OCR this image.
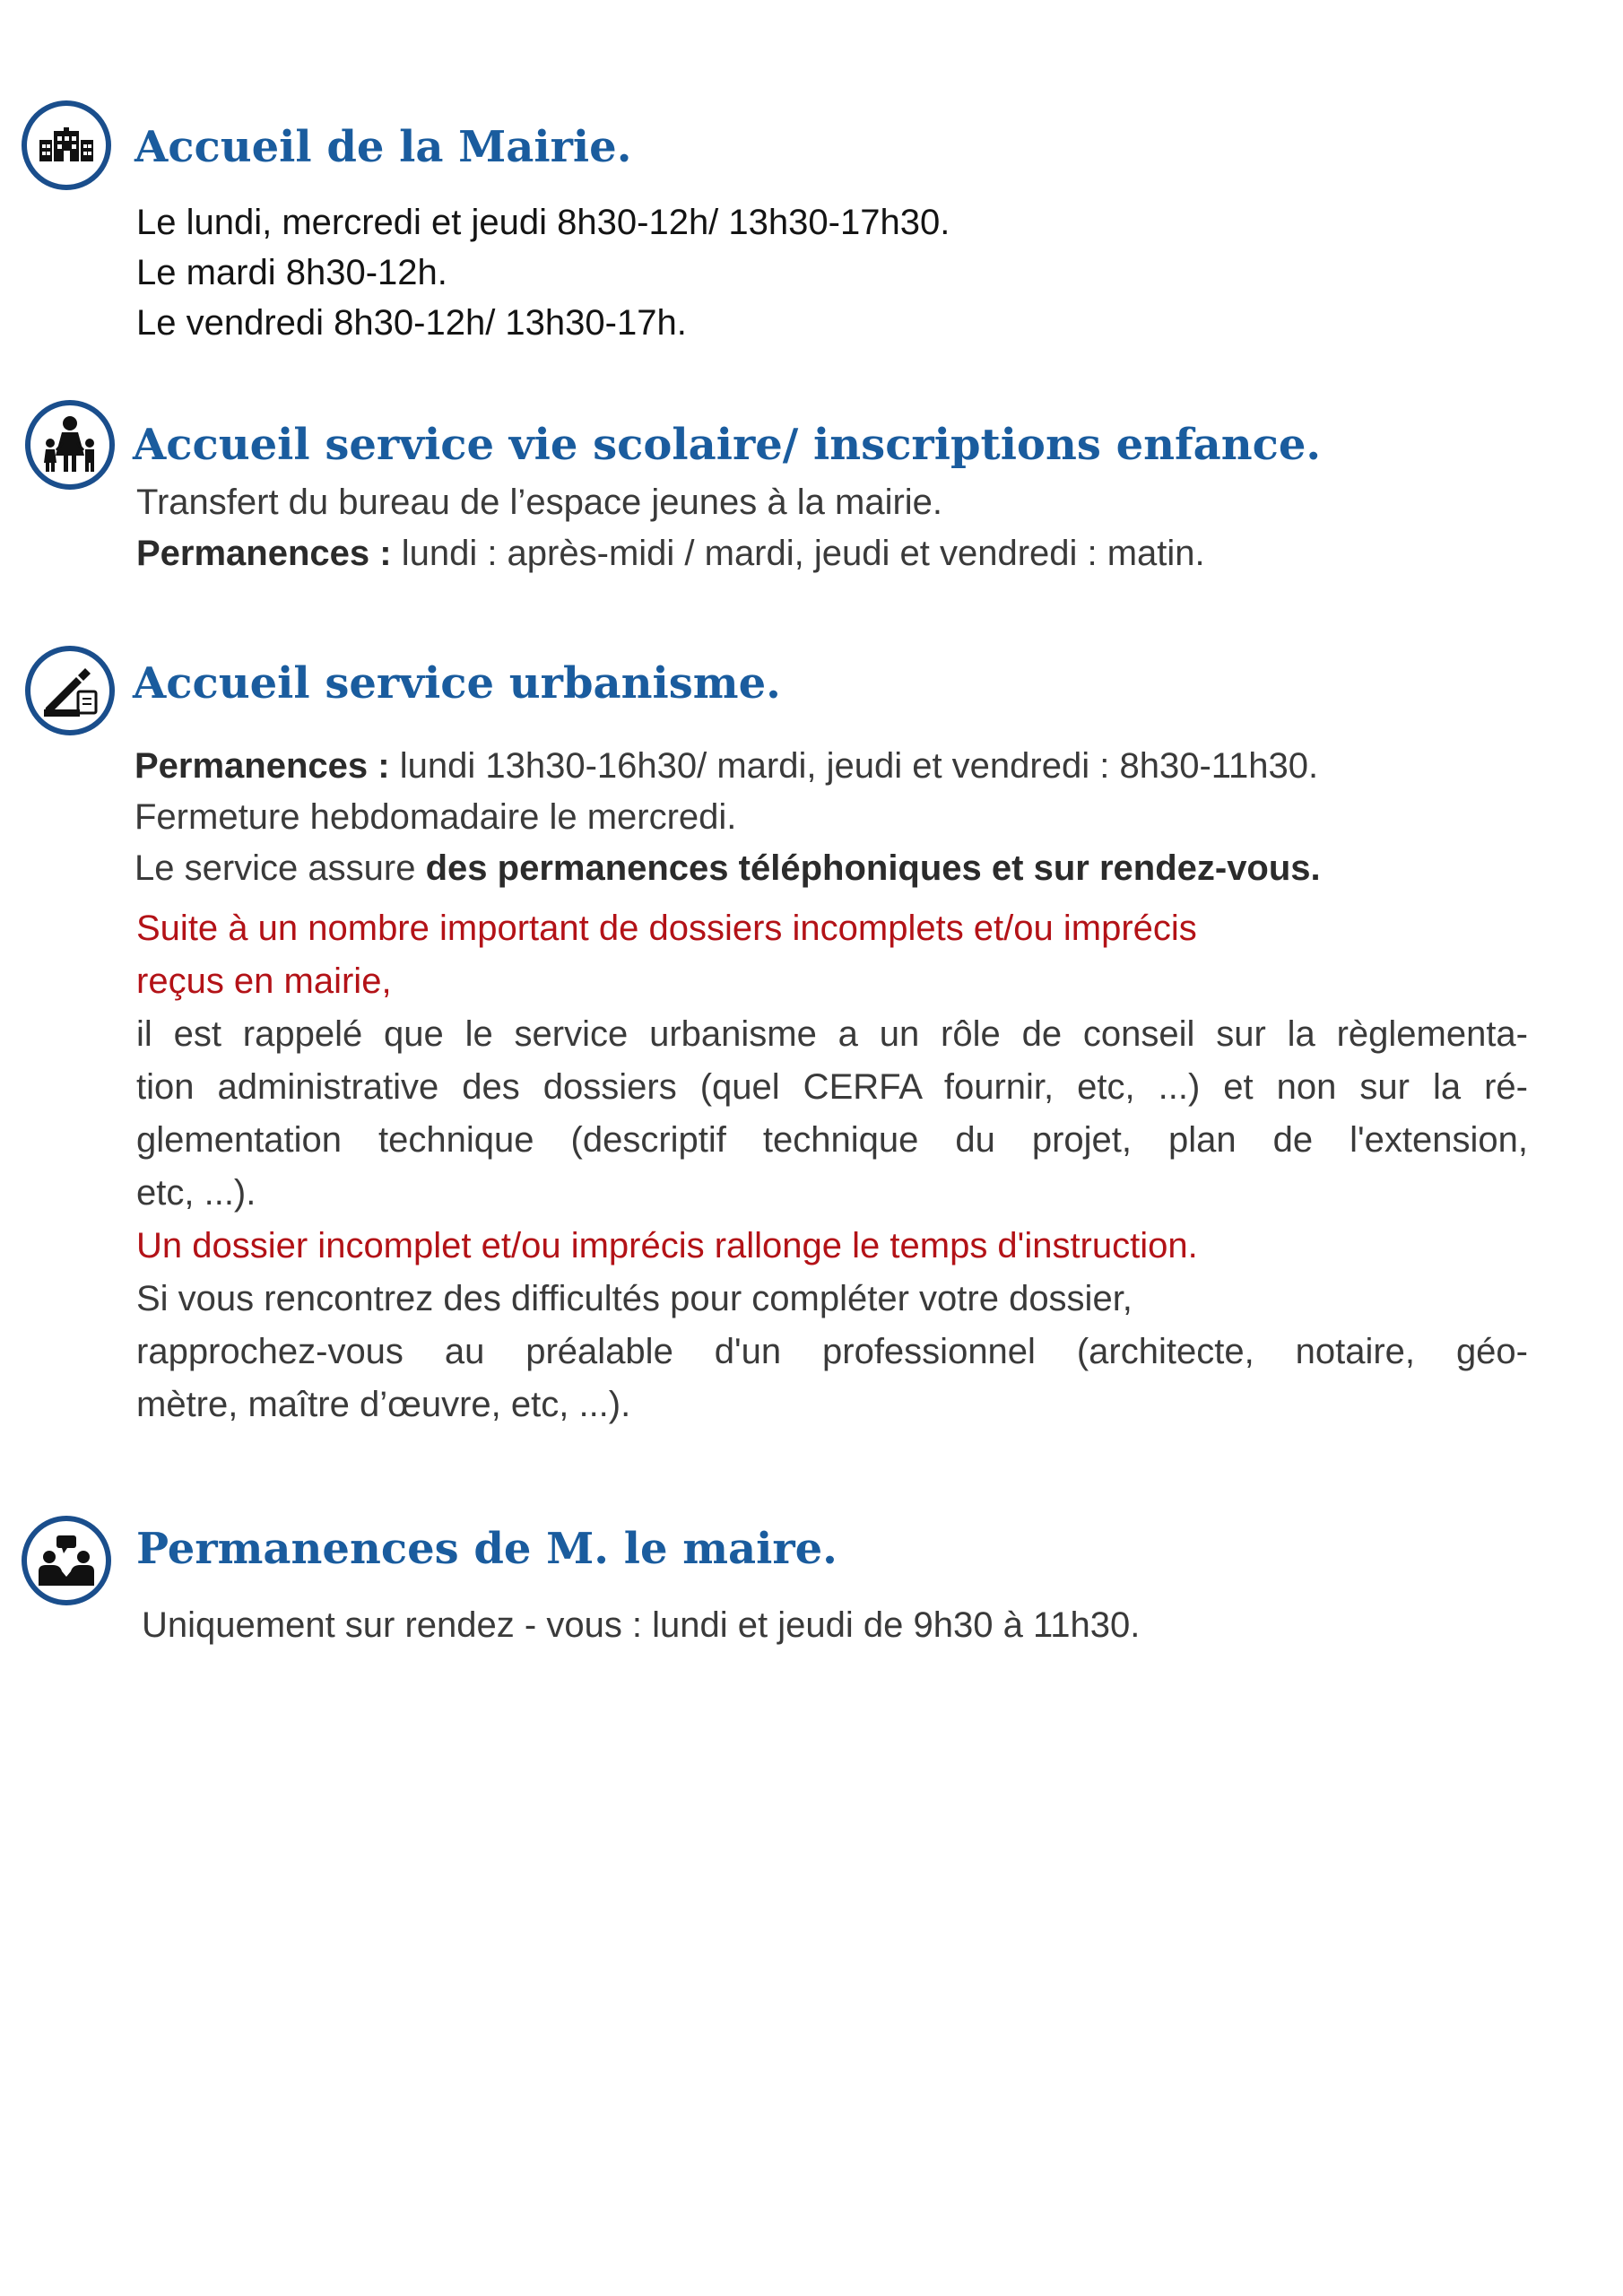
Accueil de la Mairie.
Le lundi, mercredi et jeudi 8h30-12h/ 13h30-17h30.
Le mardi 8h30-12h.
Le vendredi 8h30-12h/ 13h30-17h.
Accueil service vie scolaire/ inscriptions enfance.
Transfert du bureau de l’espace jeunes à la mairie.
Permanences : lundi : après-midi / mardi, jeudi et vendredi : matin.
Accueil service urbanisme.
Permanences : lundi 13h30-16h30/ mardi, jeudi et vendredi : 8h30-11h30.
Fermeture hebdomadaire le mercredi.
Le service assure des permanences téléphoniques et sur rendez-vous.
Suite à un nombre important de dossiers incomplets et/ou imprécis
reçus en mairie,
il est rappelé que le service urbanisme a un rôle de conseil sur la règlementa-
tion administrative des dossiers (quel CERFA fournir, etc, ...) et non sur la ré-
glementation technique (descriptif technique du projet, plan de l'extension,
etc, ...).
Un dossier incomplet et/ou imprécis rallonge le temps d'instruction.
Si vous rencontrez des difficultés pour compléter votre dossier,
rapprochez-vous au préalable d'un professionnel (architecte, notaire, géo-
mètre, maître d’œuvre, etc, ...).
Permanences de M. le maire.
Uniquement sur rendez - vous : lundi et jeudi de 9h30 à 11h30.
